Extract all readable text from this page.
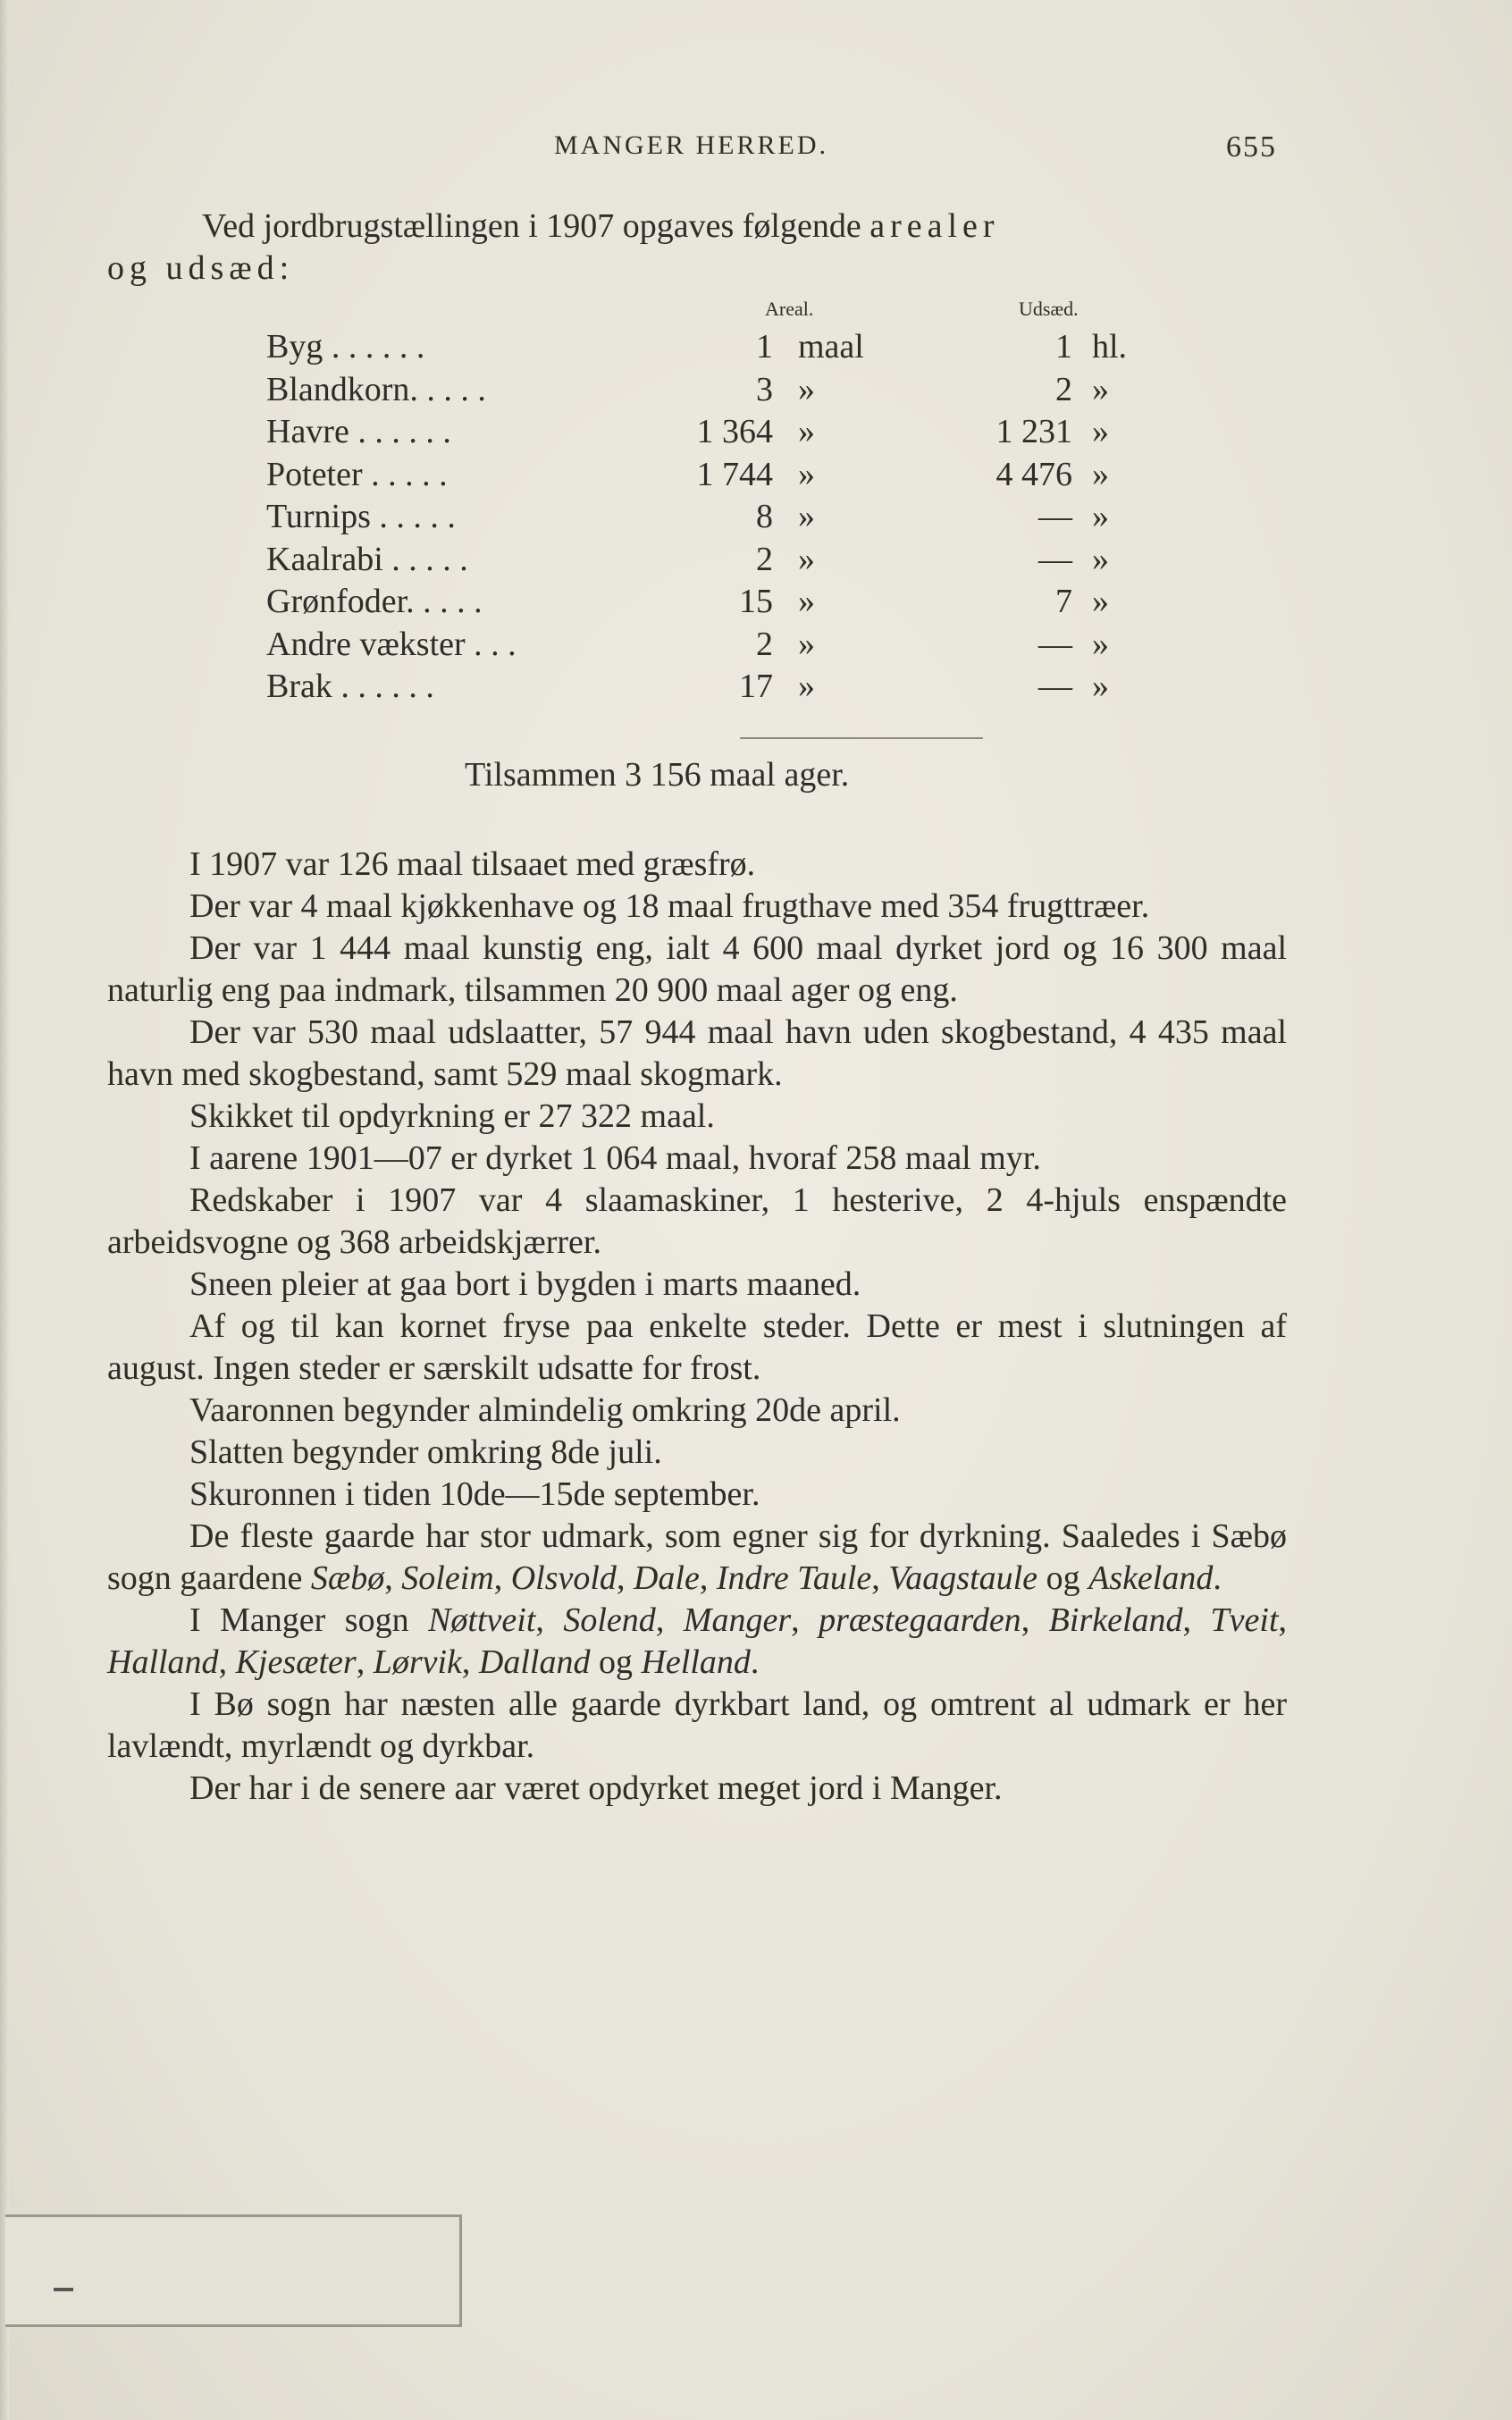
MANGER HERRED.	655

Ved jordbrugstællingen i 1907 opgaves følgende arealer

og udsæd:

Areal.	Udsæd.
Byg . . . . . .	1 maal	1 hl.
Blandkorn. . . . .	3 »	2 »
Havre . . . . . .	1 364 »	1 231 »
Poteter . . . . .	1 744 »	4 476 »
Turnips . . . . .	8 »	— »
Kaalrabi . . . . .	2 »	— »
Grønfoder. . . . .	15 »	7 »
Andre vækster . . .	2 »	— »
Brak . . . . . .	17 »	— »
Tilsammen 3 156 maal ager.

I 1907 var 126 maal tilsaaet med græsfrø.

Der var 4 maal kjøkkenhave og 18 maal frugthave med 354 frugttræer.

Der var 1 444 maal kunstig eng, ialt 4 600 maal dyrket jord og 16 300 maal naturlig eng paa indmark, tilsammen 20 900 maal ager og eng.

Der var 530 maal udslaatter, 57 944 maal havn uden skogbestand, 4 435 maal havn med skogbestand, samt 529 maal skogmark.

Skikket til opdyrkning er 27 322 maal.

I aarene 1901—07 er dyrket 1 064 maal, hvoraf 258 maal myr.

Redskaber i 1907 var 4 slaamaskiner, 1 hesterive, 2 4-hjuls enspændte arbeidsvogne og 368 arbeidskjærrer.

Sneen pleier at gaa bort i bygden i marts maaned.

Af og til kan kornet fryse paa enkelte steder. Dette er mest i slutningen af august. Ingen steder er særskilt udsatte for frost.

Vaaronnen begynder almindelig omkring 20de april.

Slatten begynder omkring 8de juli.

Skuronnen i tiden 10de—15de september.

De fleste gaarde har stor udmark, som egner sig for dyrkning. Saaledes i Sæbø sogn gaardene Sæbø, Soleim, Olsvold, Dale, Indre Taule, Vaagstaule og Askeland.

I Manger sogn Nøttveit, Solend, Manger, præstegaarden, Birkeland, Tveit, Halland, Kjesæter, Lørvik, Dalland og Helland.

I Bø sogn har næsten alle gaarde dyrkbart land, og omtrent al udmark er her lavlændt, myrlændt og dyrkbar.

Der har i de senere aar været opdyrket meget jord i Manger.
